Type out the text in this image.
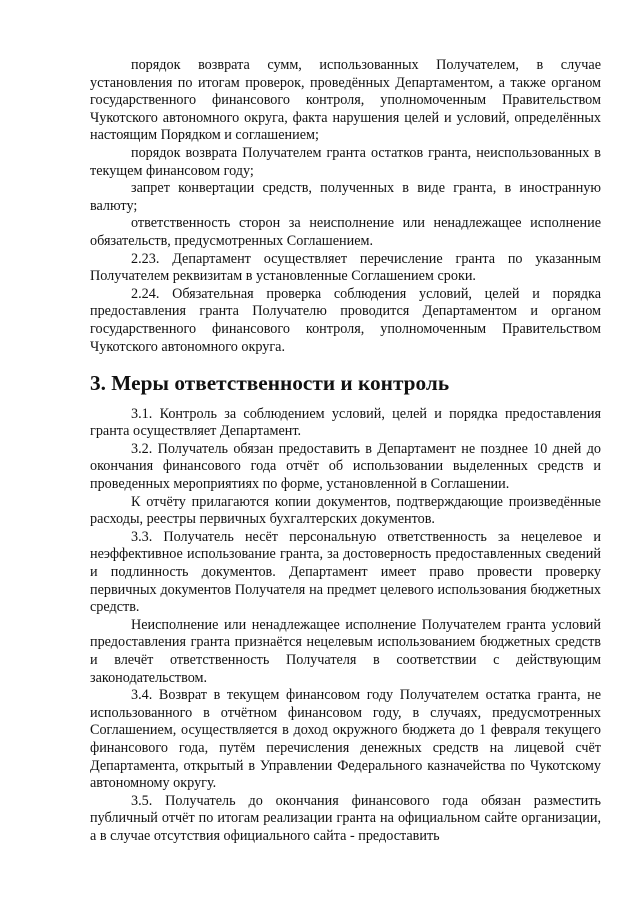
порядок возврата сумм, использованных Получателем, в случае установления по итогам проверок, проведённых Департаментом, а также органом государственного финансового контроля, уполномоченным Правительством Чукотского автономного округа, факта нарушения целей и условий, определённых настоящим Порядком и соглашением;

порядок возврата Получателем гранта остатков гранта, неиспользованных в текущем финансовом году;

запрет конвертации средств, полученных в виде гранта, в иностранную валюту;

ответственность сторон за неисполнение или ненадлежащее исполнение обязательств, предусмотренных Соглашением.

2.23. Департамент осуществляет перечисление гранта по указанным Получателем реквизитам в установленные Соглашением сроки.

2.24. Обязательная проверка соблюдения условий, целей и порядка предоставления гранта Получателю проводится Департаментом и органом государственного финансового контроля, уполномоченным Правительством Чукотского автономного округа.

3. Меры ответственности и контроль

3.1. Контроль за соблюдением условий, целей и порядка предоставления гранта осуществляет Департамент.

3.2. Получатель обязан предоставить в Департамент не позднее 10 дней до окончания финансового года отчёт об использовании выделенных средств и проведенных мероприятиях по форме, установленной в Соглашении.

К отчёту прилагаются копии документов, подтверждающие произведённые расходы, реестры первичных бухгалтерских документов.

3.3. Получатель несёт персональную ответственность за нецелевое и неэффективное использование гранта, за достоверность предоставленных сведений и подлинность документов. Департамент имеет право провести проверку первичных документов Получателя на предмет целевого использования бюджетных средств.

Неисполнение или ненадлежащее исполнение Получателем гранта условий предоставления гранта признаётся нецелевым использованием бюджетных средств и влечёт ответственность Получателя в соответствии с действующим законодательством.

3.4. Возврат в текущем финансовом году Получателем остатка гранта, не использованного в отчётном финансовом году, в случаях, предусмотренных Соглашением, осуществляется в доход окружного бюджета до 1 февраля текущего финансового года, путём перечисления денежных средств на лицевой счёт Департамента, открытый в Управлении Федерального казначейства по Чукотскому автономному округу.

3.5. Получатель до окончания финансового года обязан разместить публичный отчёт по итогам реализации гранта на официальном сайте организации, а в случае отсутствия официального сайта - предоставить
